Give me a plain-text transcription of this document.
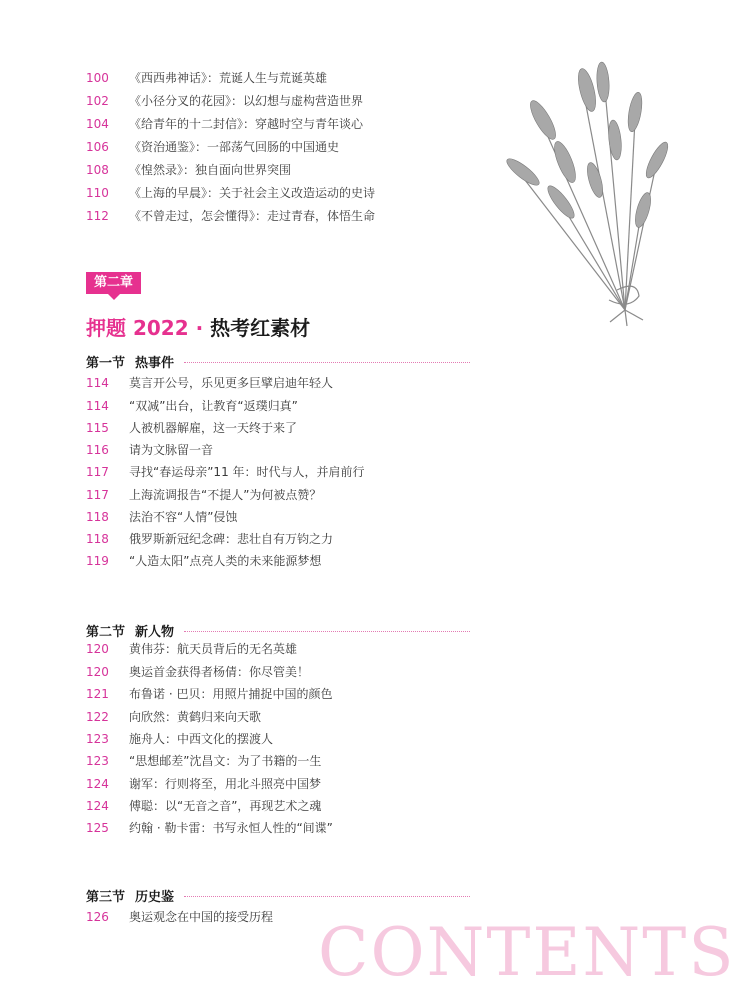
100 《西西弗神话》：荒诞人生与荒诞英雄
102 《小径分叉的花园》：以幻想与虚构营造世界
104 《给青年的十二封信》：穿越时空与青年谈心
106 《资治通鉴》：一部荡气回肠的中国通史
108 《惶然录》：独自面向世界突围
110 《上海的早晨》：关于社会主义改造运动的史诗
112 《不曾走过，怎会懂得》：走过青春，体悟生命
第二章
押题 2022 · 热考红素材
第一节 热事件
114 莫言开公号，乐见更多巨擘启迪年轻人
114 “双减”出台，让教育“返璞归真”
115 人被机器解雇，这一天终于来了
116 请为文脉留一音
117 寻找“春运母亲”11 年：时代与人，并肩前行
117 上海流调报告“不提人”为何被点赞？
118 法治不容“人情”侵蚀
118 俄罗斯新冠纪念碑：悲壮自有万钧之力
119 “人造太阳”点亮人类的未来能源梦想
第二节 新人物
120 黄伟芬：航天员背后的无名英雄
120 奥运首金获得者杨倩：你尽管美！
121 布鲁诺 · 巴贝：用照片捕捉中国的颜色
122 向欣然：黄鹤归来向天歌
123 施舟人：中西文化的摆渡人
123 “思想邮差”沈昌文：为了书籍的一生
124 谢军：行则将至，用北斗照亮中国梦
124 傅聪：以“无音之音”，再现艺术之魂
125 约翰 · 勒卡雷：书写永恒人性的“间谍”
第三节 历史鉴
126 奥运观念在中国的接受历程 CONTENTS
